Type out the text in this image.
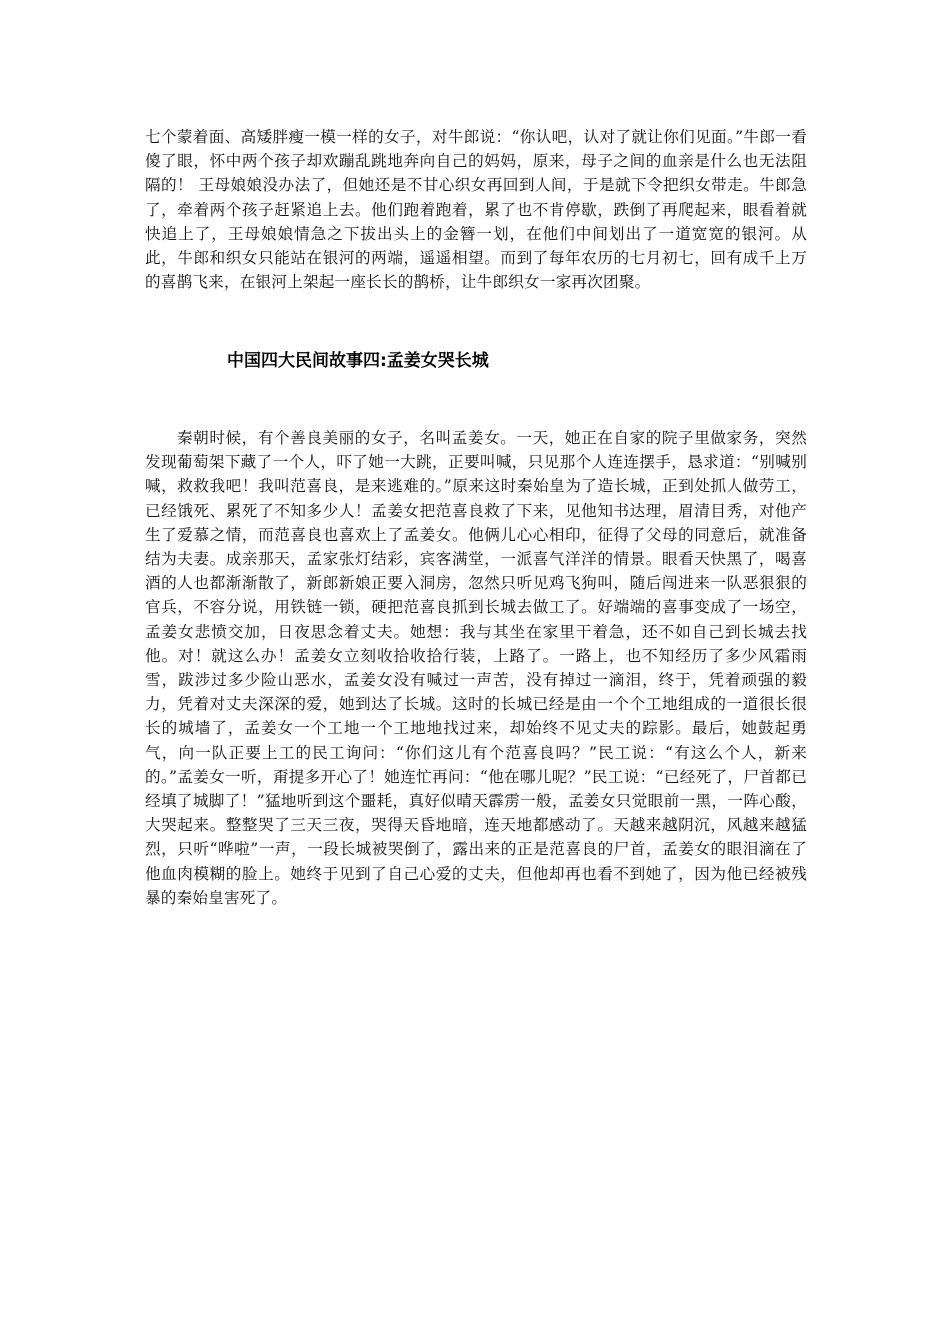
七个蒙着面、高矮胖瘦一模一样的女子，对牛郎说：“你认吧，认对了就让你们见面。”牛郎一看傻了眼，怀中两个孩子却欢蹦乱跳地奔向自己的妈妈，原来，母子之间的血亲是什么也无法阻隔的！ 王母娘娘没办法了，但她还是不甘心织女再回到人间，于是就下令把织女带走。牛郎急了，牵着两个孩子赶紧追上去。他们跑着跑着，累了也不肯停歇，跌倒了再爬起来，眼看着就快追上了，王母娘娘情急之下拔出头上的金簪一划，在他们中间划出了一道宽宽的银河。从此，牛郎和织女只能站在银河的两端，遥遥相望。而到了每年农历的七月初七，回有成千上万的喜鹊飞来，在银河上架起一座长长的鹊桥，让牛郎织女一家再次团聚。

中国四大民间故事四:孟姜女哭长城

秦朝时候，有个善良美丽的女子，名叫孟姜女。一天，她正在自家的院子里做家务，突然发现葡萄架下藏了一个人，吓了她一大跳，正要叫喊，只见那个人连连摆手，恳求道：“别喊别喊，救救我吧！我叫范喜良，是来逃难的。”原来这时秦始皇为了造长城，正到处抓人做劳工，已经饿死、累死了不知多少人！孟姜女把范喜良救了下来，见他知书达理，眉清目秀，对他产生了爱慕之情，而范喜良也喜欢上了孟姜女。他俩儿心心相印，征得了父母的同意后，就准备结为夫妻。成亲那天，孟家张灯结彩，宾客满堂，一派喜气洋洋的情景。眼看天快黑了，喝喜酒的人也都渐渐散了，新郎新娘正要入洞房，忽然只听见鸡飞狗叫，随后闯进来一队恶狠狠的官兵，不容分说，用铁链一锁，硬把范喜良抓到长城去做工了。好端端的喜事变成了一场空，孟姜女悲愤交加，日夜思念着丈夫。她想：我与其坐在家里干着急，还不如自己到长城去找他。对！就这么办！孟姜女立刻收拾收拾行装，上路了。一路上，也不知经历了多少风霜雨雪，跋涉过多少险山恶水，孟姜女没有喊过一声苦，没有掉过一滴泪，终于，凭着顽强的毅力，凭着对丈夫深深的爱，她到达了长城。这时的长城已经是由一个个工地组成的一道很长很长的城墙了，孟姜女一个工地一个工地地找过来，却始终不见丈夫的踪影。最后，她鼓起勇气，向一队正要上工的民工询问：“你们这儿有个范喜良吗？”民工说：“有这么个人，新来的。”孟姜女一听，甭提多开心了！她连忙再问：“他在哪儿呢？”民工说：“已经死了，尸首都已经填了城脚了！”猛地听到这个噩耗，真好似晴天霹雳一般，孟姜女只觉眼前一黑，一阵心酸，大哭起来。整整哭了三天三夜，哭得天昏地暗，连天地都感动了。天越来越阴沉，风越来越猛烈，只听“哗啦”一声，一段长城被哭倒了，露出来的正是范喜良的尸首，孟姜女的眼泪滴在了他血肉模糊的脸上。她终于见到了自己心爱的丈夫，但他却再也看不到她了，因为他已经被残暴的秦始皇害死了。
